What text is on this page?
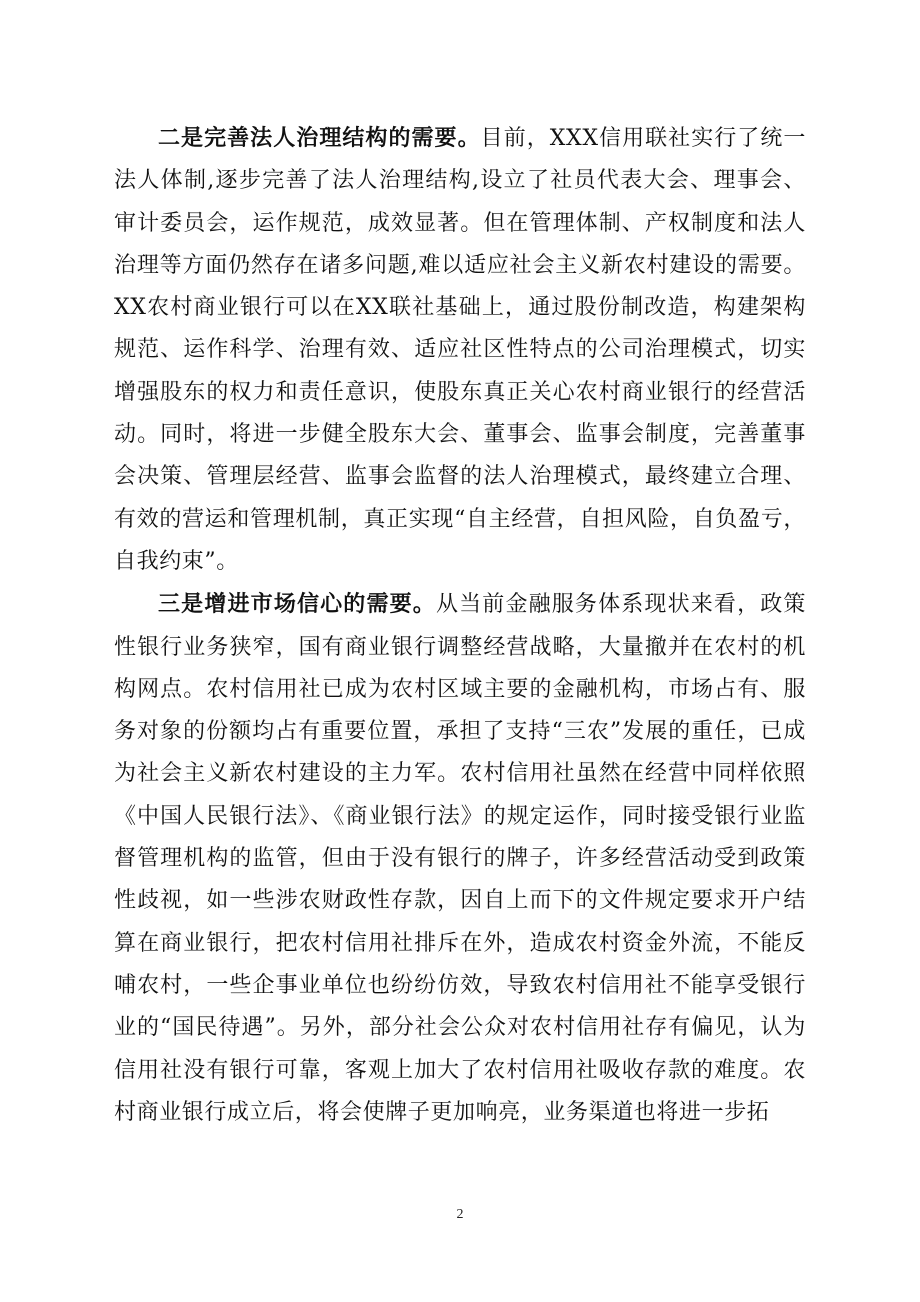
二是完善法人治理结构的需要。目前，XXX信用联社实行了统一法人体制,逐步完善了法人治理结构,设立了社员代表大会、理事会、审计委员会，运作规范，成效显著。但在管理体制、产权制度和法人治理等方面仍然存在诸多问题,难以适应社会主义新农村建设的需要。XX农村商业银行可以在XX联社基础上，通过股份制改造，构建架构规范、运作科学、治理有效、适应社区性特点的公司治理模式，切实增强股东的权力和责任意识，使股东真正关心农村商业银行的经营活动。同时，将进一步健全股东大会、董事会、监事会制度，完善董事会决策、管理层经营、监事会监督的法人治理模式，最终建立合理、有效的营运和管理机制，真正实现“自主经营，自担风险，自负盈亏，自我约束”。

三是增进市场信心的需要。从当前金融服务体系现状来看，政策性银行业务狭窄，国有商业银行调整经营战略，大量撤并在农村的机构网点。农村信用社已成为农村区域主要的金融机构，市场占有、服务对象的份额均占有重要位置，承担了支持“三农”发展的重任，已成为社会主义新农村建设的主力军。农村信用社虽然在经营中同样依照《中国人民银行法》、《商业银行法》的规定运作，同时接受银行业监督管理机构的监管，但由于没有银行的牌子，许多经营活动受到政策性歧视，如一些涉农财政性存款，因自上而下的文件规定要求开户结算在商业银行，把农村信用社排斥在外，造成农村资金外流，不能反哺农村，一些企事业单位也纷纷仿效，导致农村信用社不能享受银行业的“国民待遇”。另外，部分社会公众对农村信用社存有偏见，认为信用社没有银行可靠，客观上加大了农村信用社吸收存款的难度。农村商业银行成立后，将会使牌子更加响亮，业务渠道也将进一步拓

2
